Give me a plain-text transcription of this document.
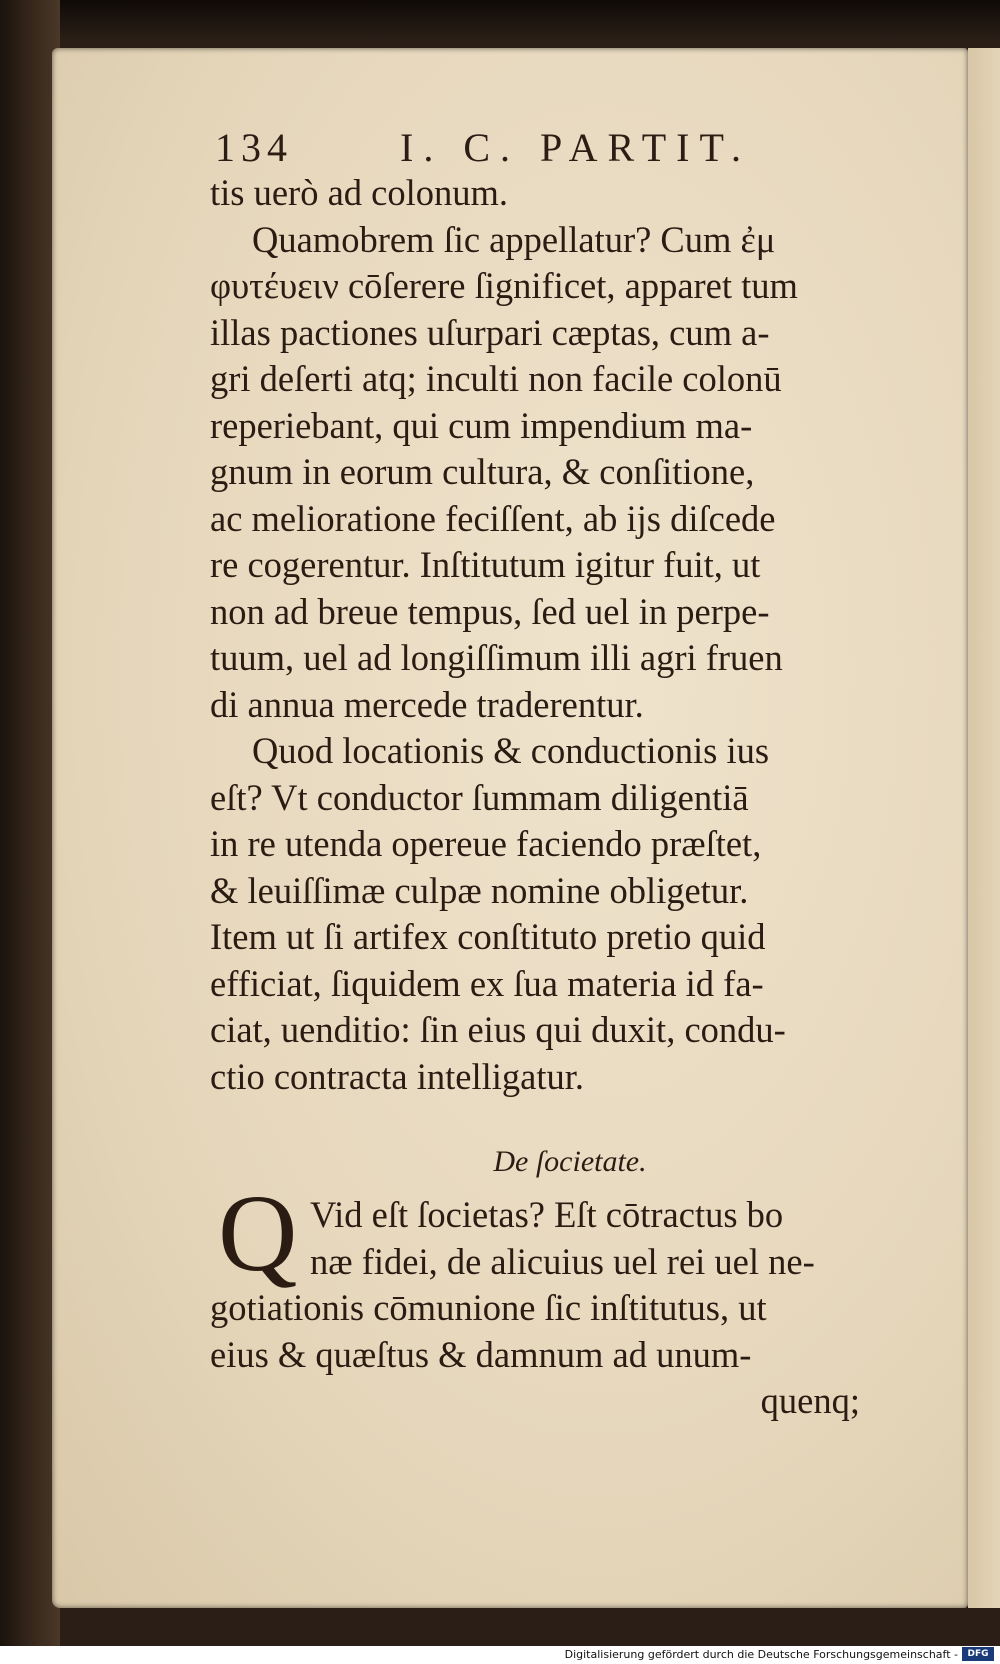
134	I. C. PARTIT.
tis uerò ad colonum.
Quamobrem ſic appellatur? Cum ἐμ
φυτέυειν cōſerere ſignificet, apparet tum
illas pactiones uſurpari cæptas, cum a-
gri deſerti atq; inculti non facile colonū
reperiebant, qui cum impendium ma-
gnum in eorum cultura, & conſitione,
ac melioratione feciſſent, ab ijs diſcede
re cogerentur. Inſtitutum igitur fuit, ut
non ad breue tempus, ſed uel in perpe-
tuum, uel ad longiſſimum illi agri fruen
di annua mercede traderentur.
Quod locationis & conductionis ius
eſt? Vt conductor ſummam diligentiā
in re utenda opereue faciendo præſtet,
& leuiſſimæ culpæ nomine obligetur.
Item ut ſi artifex conſtituto pretio quid
efficiat, ſiquidem ex ſua materia id fa-
ciat, uenditio: ſin eius qui duxit, condu-
ctio contracta intelligatur.
De ſocietate.
Q Vid eſt ſocietas? Eſt cōtractus bo
næ fidei, de alicuius uel rei uel ne-
gotiationis cōmunione ſic inſtitutus, ut
eius & quæſtus & damnum ad unum-
quenq;
Digitalisierung gefördert durch die Deutsche Forschungsgemeinschaft -	DFG
